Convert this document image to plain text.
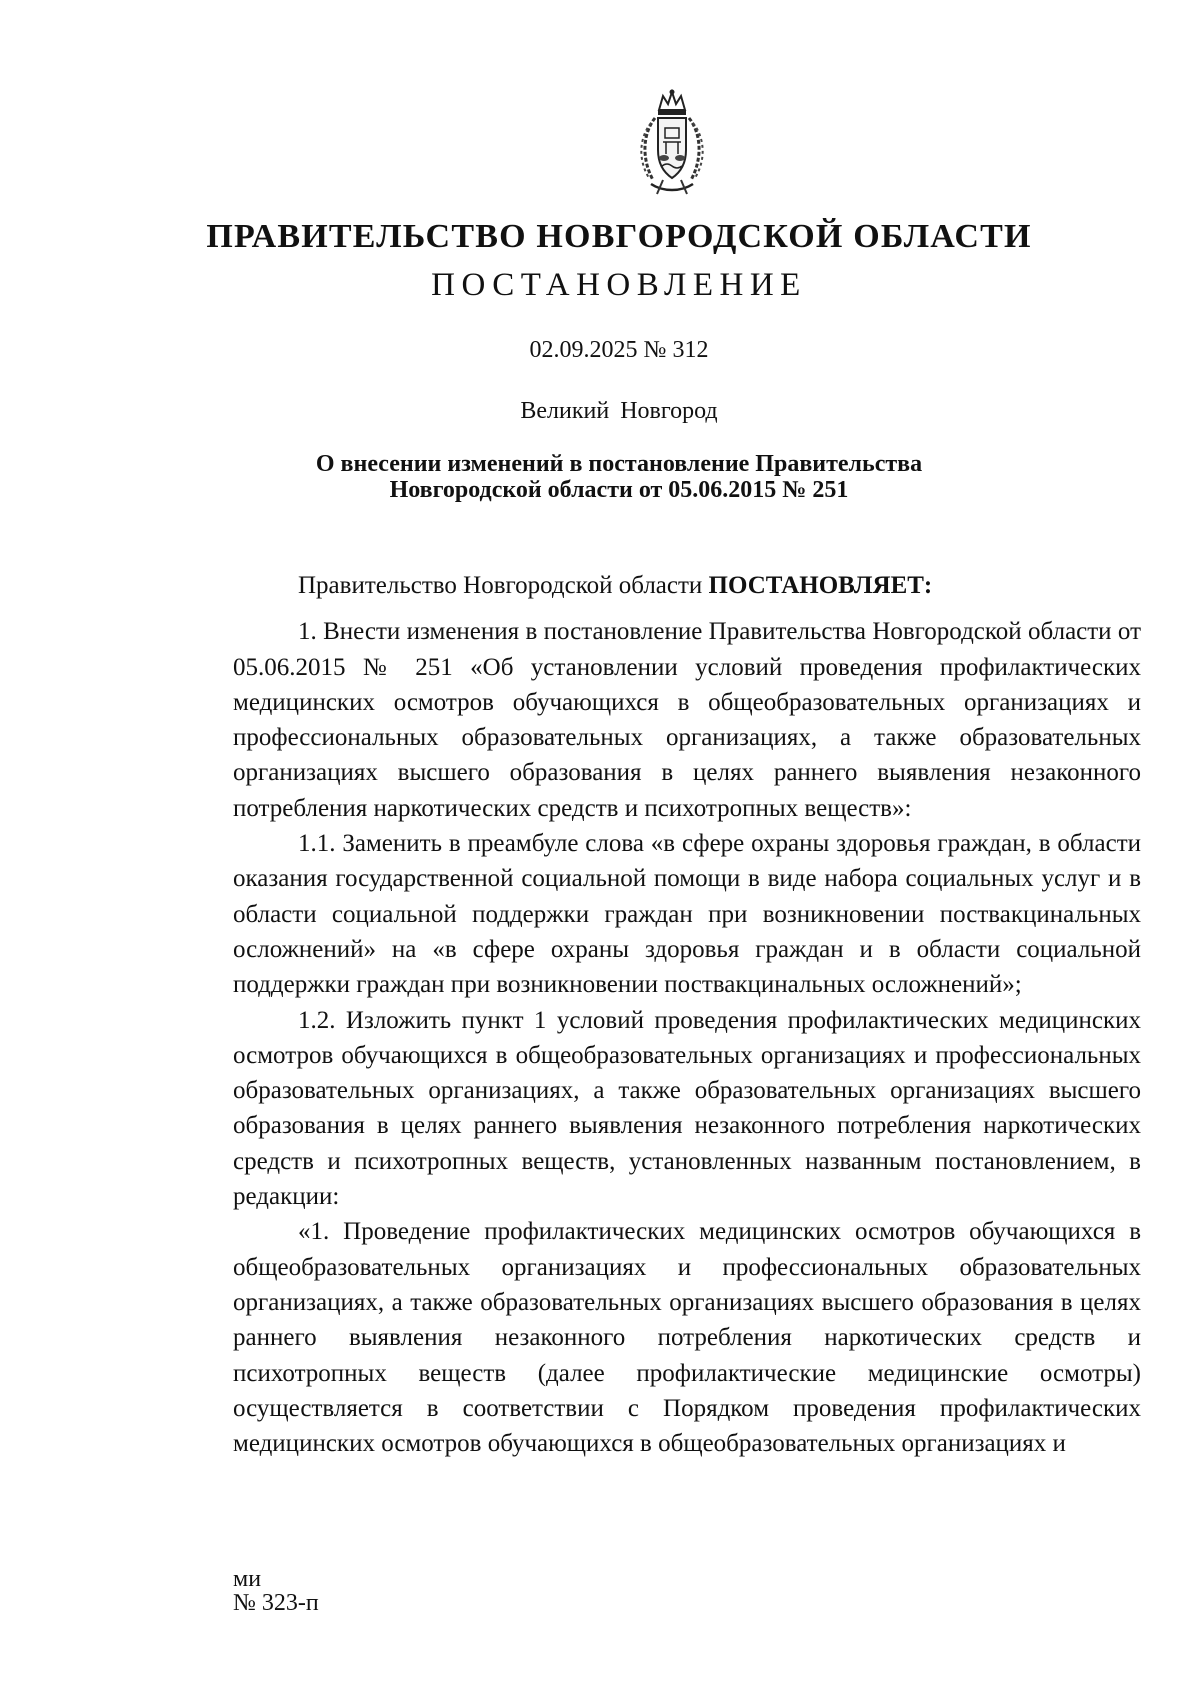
ПРАВИТЕЛЬСТВО НОВГОРОДСКОЙ ОБЛАСТИ
ПОСТАНОВЛЕНИЕ
02.09.2025 № 312
Великий Новгород
О внесении изменений в постановление Правительства
Новгородской области от 05.06.2015 № 251

Правительство Новгородской области ПОСТАНОВЛЯЕТ:

1. Внести изменения в постановление Правительства Новгородской области от 05.06.2015 № 251 «Об установлении условий проведения профилактических медицинских осмотров обучающихся в общеобразовательных организациях и профессиональных образовательных организациях, а также образовательных организациях высшего образования в целях раннего выявления незаконного потребления наркотических средств и психотропных веществ»:

1.1. Заменить в преамбуле слова «в сфере охраны здоровья граждан, в области оказания государственной социальной помощи в виде набора социальных услуг и в области социальной поддержки граждан при возникновении поствакцинальных осложнений» на «в сфере охраны здоровья граждан и в области социальной поддержки граждан при возникновении поствакцинальных осложнений»;

1.2. Изложить пункт 1 условий проведения профилактических медицинских осмотров обучающихся в общеобразовательных организациях и профессиональных образовательных организациях, а также образовательных организациях высшего образования в целях раннего выявления незаконного потребления наркотических средств и психотропных веществ, установленных названным постановлением, в редакции:

«1. Проведение профилактических медицинских осмотров обучающихся в общеобразовательных организациях и профессиональных образовательных организациях, а также образовательных организациях высшего образования в целях раннего выявления незаконного потребления наркотических средств и психотропных веществ (далее профилактические медицинские осмотры) осуществляется в соответствии с Порядком проведения профилактических медицинских осмотров обучающихся в общеобразовательных организациях и

ми
№ 323-п
